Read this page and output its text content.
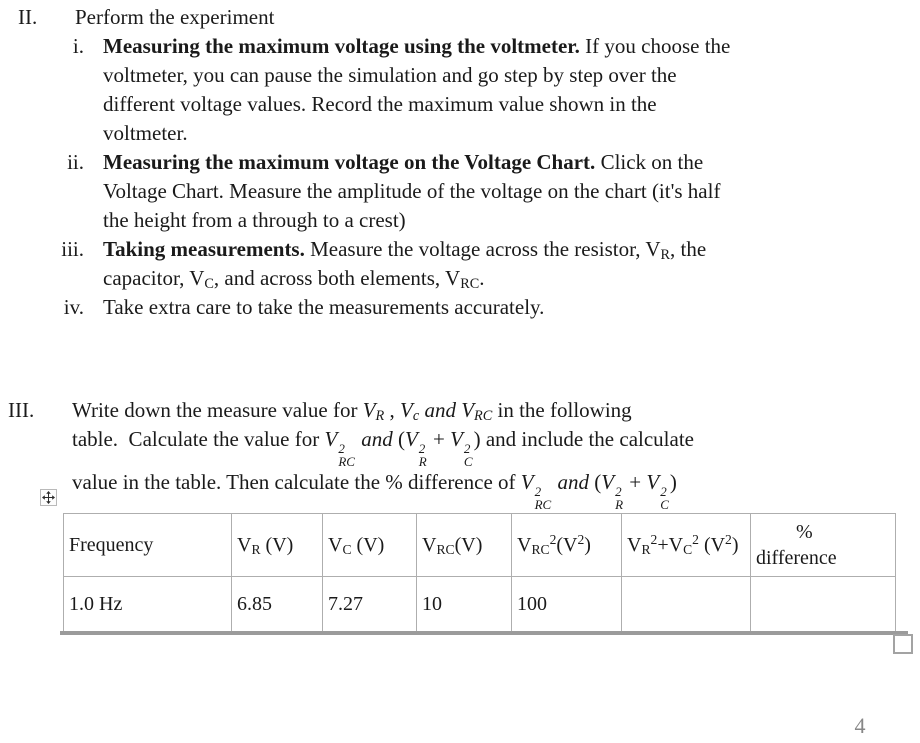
II.	Perform the experiment
i. Measuring the maximum voltage using the voltmeter. If you choose the
voltmeter, you can pause the simulation and go step by step over the
different voltage values. Record the maximum value shown in the
voltmeter.
ii. Measuring the maximum voltage on the Voltage Chart. Click on the
Voltage Chart. Measure the amplitude of the voltage on the chart (it's half
the height from a through to a crest)
iii. Taking measurements. Measure the voltage across the resistor, $V_R$, the
capacitor, $V_C$, and across both elements, $V_{RC}$.
iv. Take extra care to take the measurements accurately.
III.	Write down the measure value for $V_R$ , $V_c$ and $V_{RC}$ in the following
table.  Calculate the value for V 2
RC
and (V 2
R
+ V 2
C
) and include the calculate
value in the table. Then calculate the % difference of V 2
RC
and (V 2
R
+ V 2
C
)
Frequency	$V_R$ (V)	$V_C$ (V)	$V_{RC}(V)$	$V_{RC}^2(V^2)$	$V_R^2+V_C^2$ $(V^2)$	%
difference
1.0 Hz	6.85	7.27	10	100		
4
